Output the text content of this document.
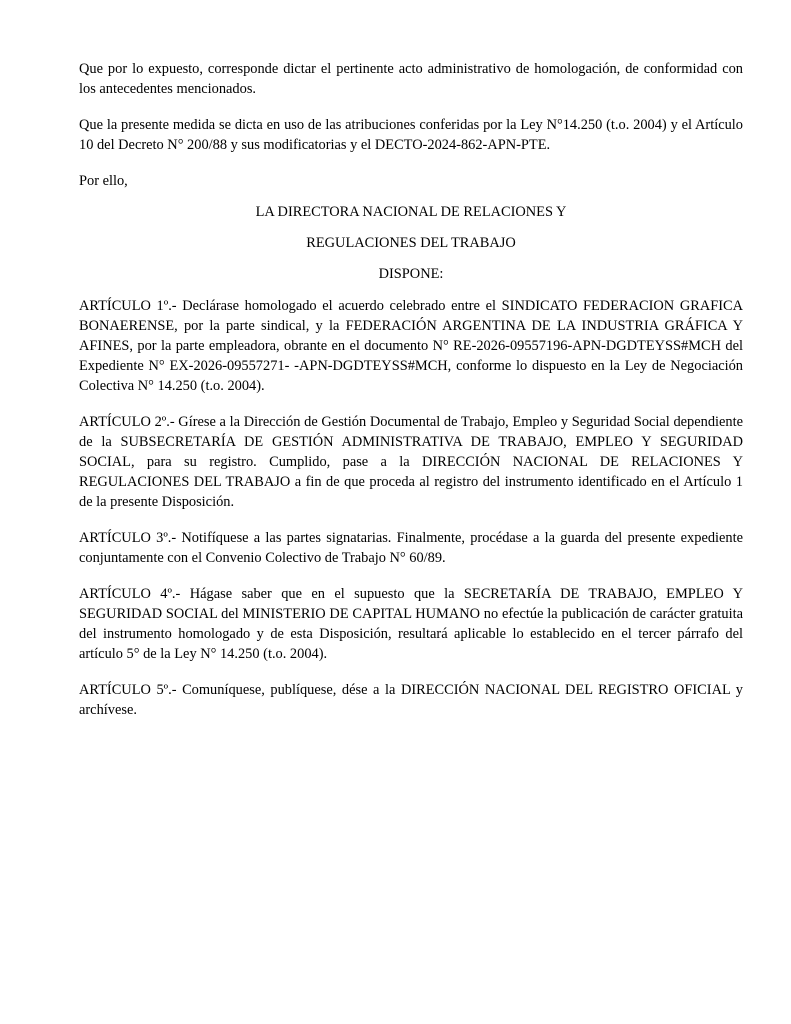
Que por lo expuesto, corresponde dictar el pertinente acto administrativo de homologación, de conformidad con los antecedentes mencionados.

Que la presente medida se dicta en uso de las atribuciones conferidas por la Ley N°14.250 (t.o. 2004) y el Artículo 10 del Decreto N° 200/88 y sus modificatorias y el DECTO-2024-862-APN-PTE.

Por ello,

LA DIRECTORA NACIONAL DE RELACIONES Y
REGULACIONES DEL TRABAJO
DISPONE:

ARTÍCULO 1º.- Declárase homologado el acuerdo celebrado entre el SINDICATO FEDERACION GRAFICA BONAERENSE, por la parte sindical, y la FEDERACIÓN ARGENTINA DE LA INDUSTRIA GRÁFICA Y AFINES, por la parte empleadora, obrante en el documento N° RE-2026-09557196-APN-DGDTEYSS#MCH del Expediente N° EX-2026-09557271- -APN-DGDTEYSS#MCH, conforme lo dispuesto en la Ley de Negociación Colectiva N° 14.250 (t.o. 2004).

ARTÍCULO 2º.- Gírese a la Dirección de Gestión Documental de Trabajo, Empleo y Seguridad Social dependiente de la SUBSECRETARÍA DE GESTIÓN ADMINISTRATIVA DE TRABAJO, EMPLEO Y SEGURIDAD SOCIAL, para su registro. Cumplido, pase a la DIRECCIÓN NACIONAL DE RELACIONES Y REGULACIONES DEL TRABAJO a fin de que proceda al registro del instrumento identificado en el Artículo 1 de la presente Disposición.

ARTÍCULO 3º.- Notifíquese a las partes signatarias. Finalmente, procédase a la guarda del presente expediente conjuntamente con el Convenio Colectivo de Trabajo N° 60/89.

ARTÍCULO 4º.- Hágase saber que en el supuesto que la SECRETARÍA DE TRABAJO, EMPLEO Y SEGURIDAD SOCIAL del MINISTERIO DE CAPITAL HUMANO no efectúe la publicación de carácter gratuita del instrumento homologado y de esta Disposición, resultará aplicable lo establecido en el tercer párrafo del artículo 5° de la Ley N° 14.250 (t.o. 2004).

ARTÍCULO 5º.- Comuníquese, publíquese, dése a la DIRECCIÓN NACIONAL DEL REGISTRO OFICIAL y archívese.
